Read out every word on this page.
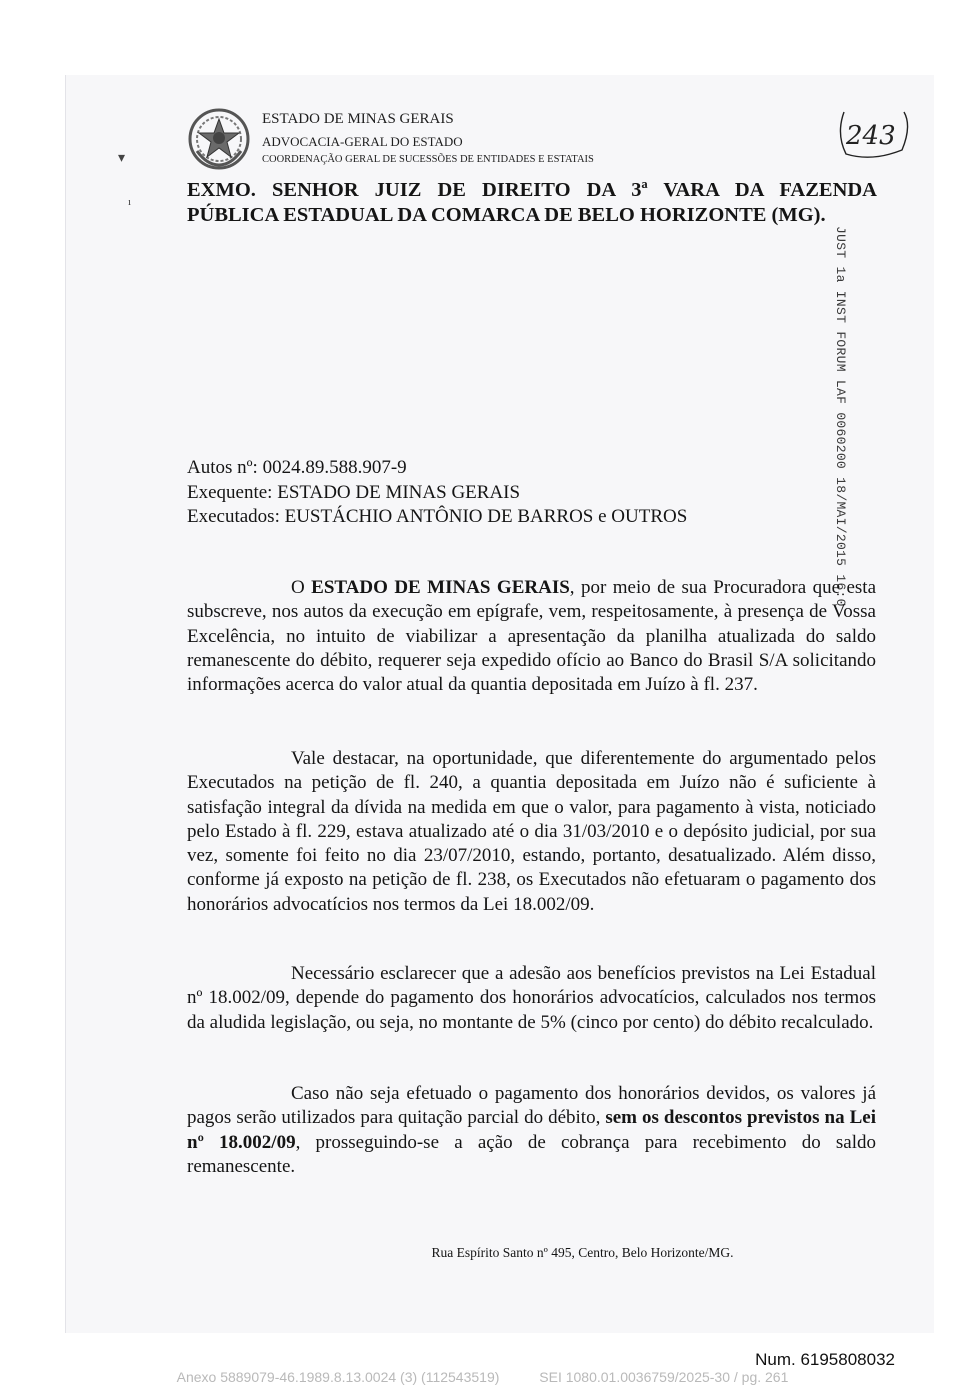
ESTADO DE MINAS GERAIS
ADVOCACIA-GERAL DO ESTADO
COORDENAÇÃO GERAL DE SUCESSÕES DE ENTIDADES E ESTATAIS
243
JUST 1a INST FORUM LAF 0060200 18/MAI/2015 16:0
▾
ı
EXMO. SENHOR JUIZ DE DIREITO DA 3ª VARA DA FAZENDA
PÚBLICA ESTADUAL DA COMARCA DE BELO HORIZONTE (MG).
Autos nº: 0024.89.588.907-9
Exequente: ESTADO DE MINAS GERAIS
Executados: EUSTÁCHIO ANTÔNIO DE BARROS e OUTROS
O ESTADO DE MINAS GERAIS, por meio de sua Procuradora que esta subscreve, nos autos da execução em epígrafe, vem, respeitosamente, à presença de Vossa Excelência, no intuito de viabilizar a apresentação da planilha atualizada do saldo remanescente do débito, requerer seja expedido ofício ao Banco do Brasil S/A solicitando informações acerca do valor atual da quantia depositada em Juízo à fl. 237.
Vale destacar, na oportunidade, que diferentemente do argumentado pelos Executados na petição de fl. 240, a quantia depositada em Juízo não é suficiente à satisfação integral da dívida na medida em que o valor, para pagamento à vista, noticiado pelo Estado à fl. 229, estava atualizado até o dia 31/03/2010 e o depósito judicial, por sua vez, somente foi feito no dia 23/07/2010, estando, portanto, desatualizado. Além disso, conforme já exposto na petição de fl. 238, os Executados não efetuaram o pagamento dos honorários advocatícios nos termos da Lei 18.002/09.
Necessário esclarecer que a adesão aos benefícios previstos na Lei Estadual nº 18.002/09, depende do pagamento dos honorários advocatícios, calculados nos termos da aludida legislação, ou seja, no montante de 5% (cinco por cento) do débito recalculado.
Caso não seja efetuado o pagamento dos honorários devidos, os valores já pagos serão utilizados para quitação parcial do débito, sem os descontos previstos na Lei nº 18.002/09, prosseguindo-se a ação de cobrança para recebimento do saldo remanescente.
Rua Espírito Santo nº 495, Centro, Belo Horizonte/MG.
Num. 6195808032
Anexo 5889079-46.1989.8.13.0024 (3) (112543519)	SEI 1080.01.0036759/2025-30 / pg. 261
